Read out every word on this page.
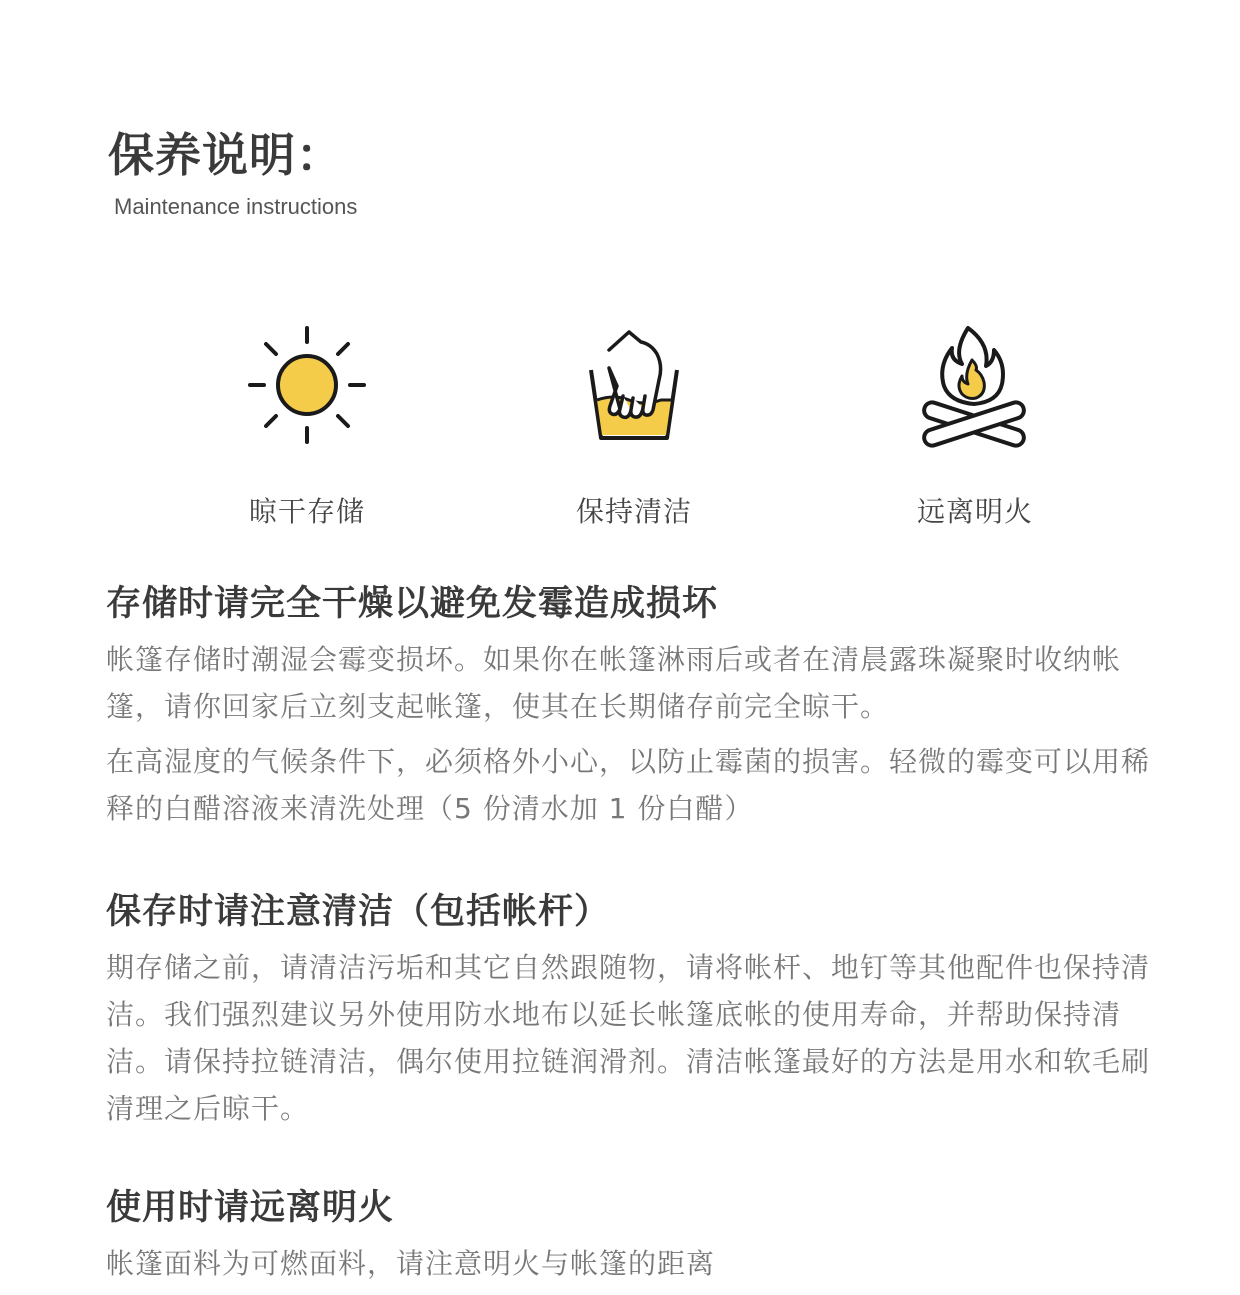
保养说明：
Maintenance instructions
晾干存储	保持清洁	远离明火
存储时请完全干燥以避免发霉造成损坏

帐篷存储时潮湿会霉变损坏。如果你在帐篷淋雨后或者在清晨露珠凝聚时收纳帐篷，请你回家后立刻支起帐篷，使其在长期储存前完全晾干。

在高湿度的气候条件下，必须格外小心，以防止霉菌的损害。轻微的霉变可以用稀释的白醋溶液来清洗处理（5 份清水加 1 份白醋）

保存时请注意清洁（包括帐杆）

期存储之前，请清洁污垢和其它自然跟随物，请将帐杆、地钉等其他配件也保持清洁。我们强烈建议另外使用防水地布以延长帐篷底帐的使用寿命，并帮助保持清洁。请保持拉链清洁，偶尔使用拉链润滑剂。清洁帐篷最好的方法是用水和软毛刷清理之后晾干。

使用时请远离明火

帐篷面料为可燃面料，请注意明火与帐篷的距离
